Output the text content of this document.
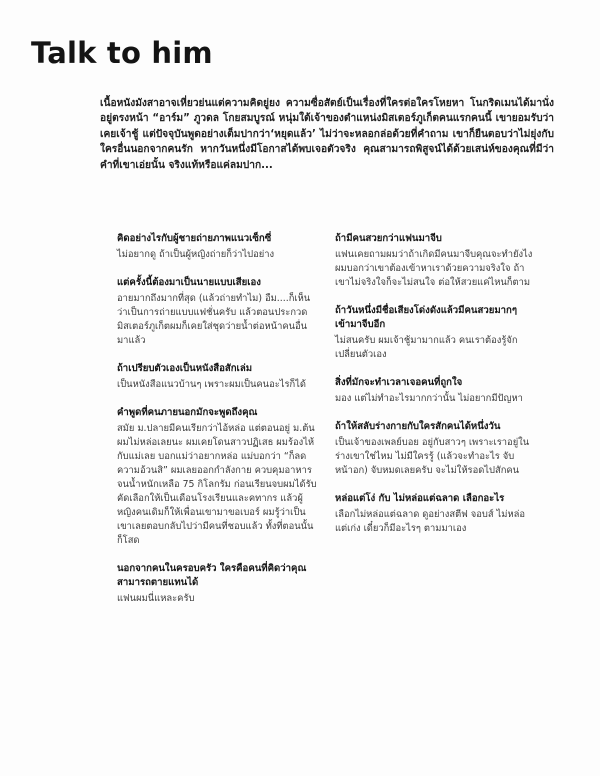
Talk to him

เนื้อหนังมังสาอาจเหี่ยวย่นแต่ความคิดยู่ยง ความซื่อสัตย์เป็นเรื่องที่ใครต่อใครโหยหา โนกริดเมนได้มานั่งอยู่ตรงหน้า “อาร์ม” ภูวดล โกยสมบูรณ์ หนุ่มใต้เจ้าของตำแหน่งมิสเตอร์ภูเก็ตคนแรกคนนี้ เขายอมรับว่าเคยเจ้าชู้ แต่ปัจจุบันพูดอย่างเต็มปากว่า‘หยุดแล้ว’ ไม่ว่าจะหลอกล่อด้วยที่คำถาม เขาก็ยืนตอบว่าไม่ยุ่งกับใครอื่นนอกจากคนรัก หากวันหนึ่งมีโอกาสได้พบเจอตัวจริง คุณสามารถพิสูจน์ได้ด้วยเสน่ห์ของคุณที่มีว่าคำที่เขาเอ่ยนั้น จริงแท้หรือแค่ลมปาก...

คิดอย่างไรกับผู้ชายถ่ายภาพแนวเซ็กซี่

ไม่อยากดู ถ้าเป็นผู้หญิงถ่ายก็ว่าไปอย่าง

แต่ครั้งนี้ต้องมาเป็นนายแบบเสียเอง

อายมากถึงมากที่สุด (แล้วถ่ายทำไม) อืม....ก็เห็นว่าเป็นการถ่ายแบบแฟชั่นครับ แล้วตอนประกวดมิสเตอร์ภูเก็ตผมก็เคยใส่ชุดว่ายน้ำต่อหน้าคนอื่นมาแล้ว

ถ้าเปรียบตัวเองเป็นหนังสือสักเล่ม

เป็นหนังสือแนวบ้านๆ เพราะผมเป็นคนอะไรก็ได้

คำพูดที่คนภายนอกมักจะพูดถึงคุณ

สมัย ม.ปลายมีคนเรียกว่าไอ้หล่อ แต่ตอนอยู่ ม.ต้น ผมไม่หล่อเลยนะ ผมเคยโดนสาวปฏิเสธ ผมร้องไห้กับแม่เลย บอกแม่ว่าอยากหล่อ แม่บอกว่า “ก็ลดความอ้วนสิ” ผมเลยออกกำลังกาย ควบคุมอาหาร จนน้ำหนักเหลือ 75 กิโลกรัม ก่อนเรียนจบผมได้รับคัดเลือกให้เป็นเดือนโรงเรียนและคทากร แล้วผู้หญิงคนเดิมก็ให้เพื่อนเขามาขอเบอร์ ผมรู้ว่าเป็นเขาเลยตอบกลับไปว่ามีคนที่ชอบแล้ว ทั้งที่ตอนนั้นก็โสด

นอกจากคนในครอบครัว ใครคือคนที่คิดว่าคุณสามารถตายแทนได้

แฟนผมนี่แหละครับ

ถ้ามีคนสวยกว่าแฟนมาจีบ

แฟนเคยถามผมว่าถ้าเกิดมีคนมาจีบคุณจะทำยังไง ผมบอกว่าเขาต้องเข้าหาเราด้วยความจริงใจ ถ้าเขาไม่จริงใจก็จะไม่สนใจ ต่อให้สวยแค่ไหนก็ตาม

ถ้าวันหนึ่งมีชื่อเสียงโด่งดังแล้วมีคนสวยมากๆ เข้ามาจีบอีก

ไม่สนครับ ผมเจ้าชู้มามากแล้ว คนเราต้องรู้จักเปลี่ยนตัวเอง

สิ่งที่มักจะทำเวลาเจอคนที่ถูกใจ

มอง แต่ไม่ทำอะไรมากกว่านั้น ไม่อยากมีปัญหา

ถ้าให้สลับร่างกายกับใครสักคนได้หนึ่งวัน

เป็นเจ้าของเพลย์บอย อยู่กับสาวๆ เพราะเราอยู่ในร่างเขาใช่ไหม ไม่มีใครรู้ (แล้วจะทำอะไร จับหน้าอก) จับหมดเลยครับ จะไม่ให้รอดไปสักคน

หล่อแต่โง่ กับ ไม่หล่อแต่ฉลาด เลือกอะไร

เลือกไม่หล่อแต่ฉลาด ดูอย่างสตีฟ จอบส์ ไม่หล่อแต่เก่ง เดี๋ยวก็มีอะไรๆ ตามมาเอง
